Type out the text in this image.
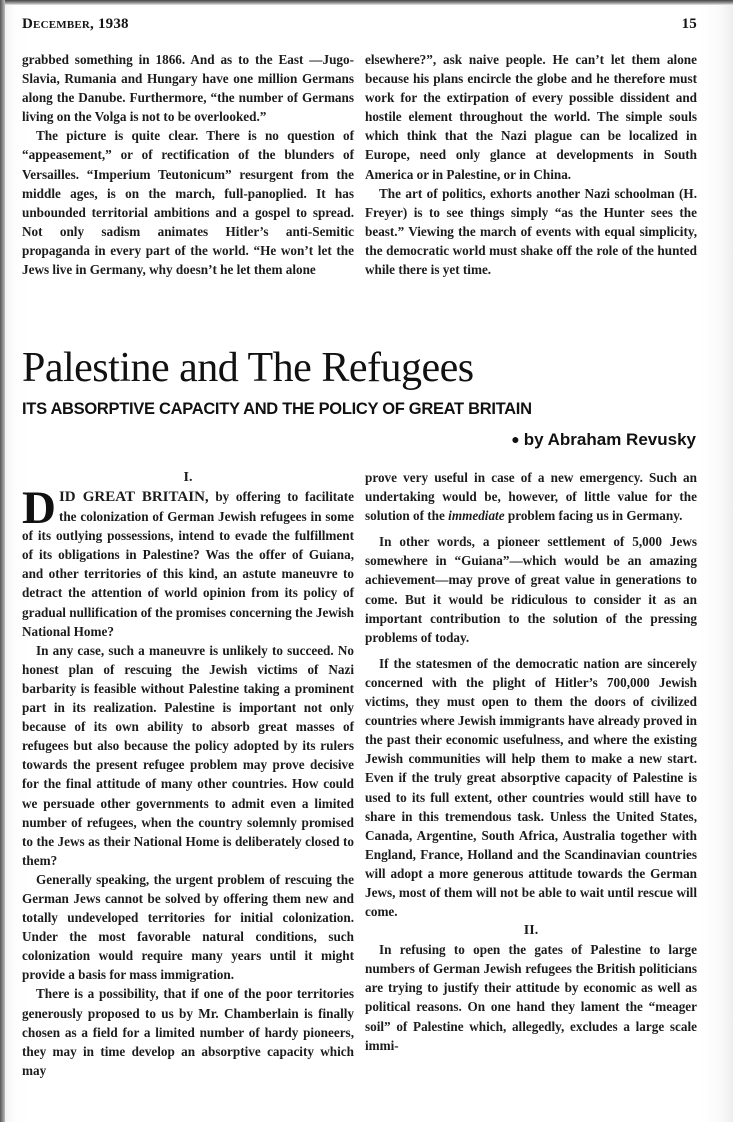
December, 1938	15

grabbed something in 1866. And as to the East —Jugo-Slavia, Rumania and Hungary have one million Germans along the Danube. Furthermore, “the number of Germans living on the Volga is not to be overlooked.”

The picture is quite clear. There is no question of “appeasement,” or of rectification of the blunders of Versailles. “Imperium Teutonicum” resurgent from the middle ages, is on the march, full-panoplied. It has unbounded territorial ambitions and a gospel to spread. Not only sadism animates Hitler’s anti-Semitic propaganda in every part of the world. “He won’t let the Jews live in Germany, why doesn’t he let them alone

elsewhere?”, ask naive people. He can’t let them alone because his plans encircle the globe and he therefore must work for the extirpation of every possible dissident and hostile element throughout the world. The simple souls which think that the Nazi plague can be localized in Europe, need only glance at developments in South America or in Palestine, or in China.

The art of politics, exhorts another Nazi schoolman (H. Freyer) is to see things simply “as the Hunter sees the beast.” Viewing the march of events with equal simplicity, the democratic world must shake off the role of the hunted while there is yet time.

Palestine and The Refugees
ITS ABSORPTIVE CAPACITY AND THE POLICY OF GREAT BRITAIN
● by Abraham Revusky

I.

DID GREAT BRITAIN, by offering to facilitate the colonization of German Jewish refugees in some of its outlying possessions, intend to evade the fulfillment of its obligations in Palestine? Was the offer of Guiana, and other territories of this kind, an astute maneuvre to detract the attention of world opinion from its policy of gradual nullification of the promises concerning the Jewish National Home?

In any case, such a maneuvre is unlikely to succeed. No honest plan of rescuing the Jewish victims of Nazi barbarity is feasible without Palestine taking a prominent part in its realization. Palestine is important not only because of its own ability to absorb great masses of refugees but also because the policy adopted by its rulers towards the present refugee problem may prove decisive for the final attitude of many other countries. How could we persuade other governments to admit even a limited number of refugees, when the country solemnly promised to the Jews as their National Home is deliberately closed to them?

Generally speaking, the urgent problem of rescuing the German Jews cannot be solved by offering them new and totally undeveloped territories for initial colonization. Under the most favorable natural conditions, such colonization would require many years until it might provide a basis for mass immigration.

There is a possibility, that if one of the poor territories generously proposed to us by Mr. Chamberlain is finally chosen as a field for a limited number of hardy pioneers, they may in time develop an absorptive capacity which may

prove very useful in case of a new emergency. Such an undertaking would be, however, of little value for the solution of the immediate problem facing us in Germany.

In other words, a pioneer settlement of 5,000 Jews somewhere in “Guiana”—which would be an amazing achievement—may prove of great value in generations to come. But it would be ridiculous to consider it as an important contribution to the solution of the pressing problems of today.

If the statesmen of the democratic nation are sincerely concerned with the plight of Hitler’s 700,000 Jewish victims, they must open to them the doors of civilized countries where Jewish immigrants have already proved in the past their economic usefulness, and where the existing Jewish communities will help them to make a new start. Even if the truly great absorptive capacity of Palestine is used to its full extent, other countries would still have to share in this tremendous task. Unless the United States, Canada, Argentine, South Africa, Australia together with England, France, Holland and the Scandinavian countries will adopt a more generous attitude towards the German Jews, most of them will not be able to wait until rescue will come.

II.

In refusing to open the gates of Palestine to large numbers of German Jewish refugees the British politicians are trying to justify their attitude by economic as well as political reasons. On one hand they lament the “meager soil” of Palestine which, allegedly, excludes a large scale immi-
